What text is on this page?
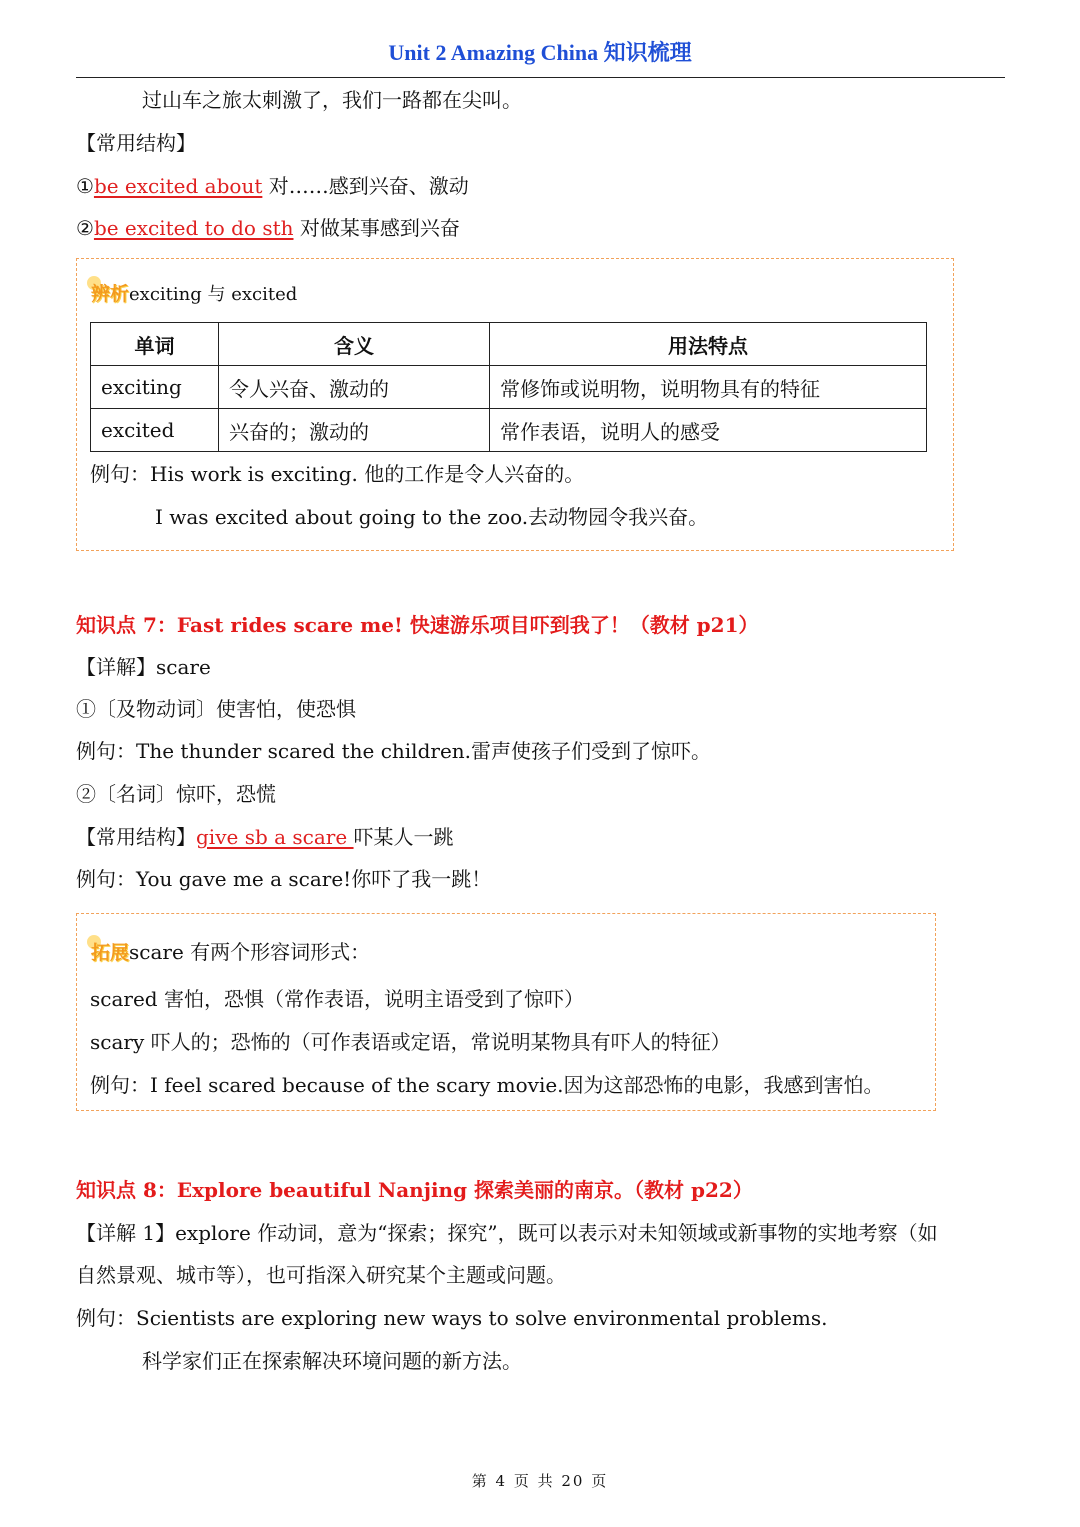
Unit 2 Amazing China 知识梳理
过山车之旅太刺激了，我们一路都在尖叫。
【常用结构】
①be excited about 对……感到兴奋、激动
②be excited to do sth 对做某事感到兴奋
辨析exciting 与 excited
单词	含义	用法特点
exciting	令人兴奋、激动的	常修饰或说明物，说明物具有的特征
excited	兴奋的；激动的	常作表语，说明人的感受
例句：His work is exciting. 他的工作是令人兴奋的。
I was excited about going to the zoo.去动物园令我兴奋。
知识点 7：Fast rides scare me! 快速游乐项目吓到我了！（教材 p21）
【详解】scare
①〔及物动词〕使害怕，使恐惧
例句：The thunder scared the children.雷声使孩子们受到了惊吓。
②〔名词〕惊吓，恐慌
【常用结构】give sb a scare 吓某人一跳
例句：You gave me a scare!你吓了我一跳！
拓展scare 有两个形容词形式：
scared 害怕，恐惧（常作表语，说明主语受到了惊吓）
scary 吓人的；恐怖的（可作表语或定语，常说明某物具有吓人的特征）
例句：I feel scared because of the scary movie.因为这部恐怖的电影，我感到害怕。
知识点 8：Explore beautiful Nanjing 探索美丽的南京。（教材 p22）
【详解 1】explore 作动词，意为“探索；探究”，既可以表示对未知领域或新事物的实地考察（如
自然景观、城市等），也可指深入研究某个主题或问题。
例句：Scientists are exploring new ways to solve environmental problems.
科学家们正在探索解决环境问题的新方法。
第 4 页 共 20 页
